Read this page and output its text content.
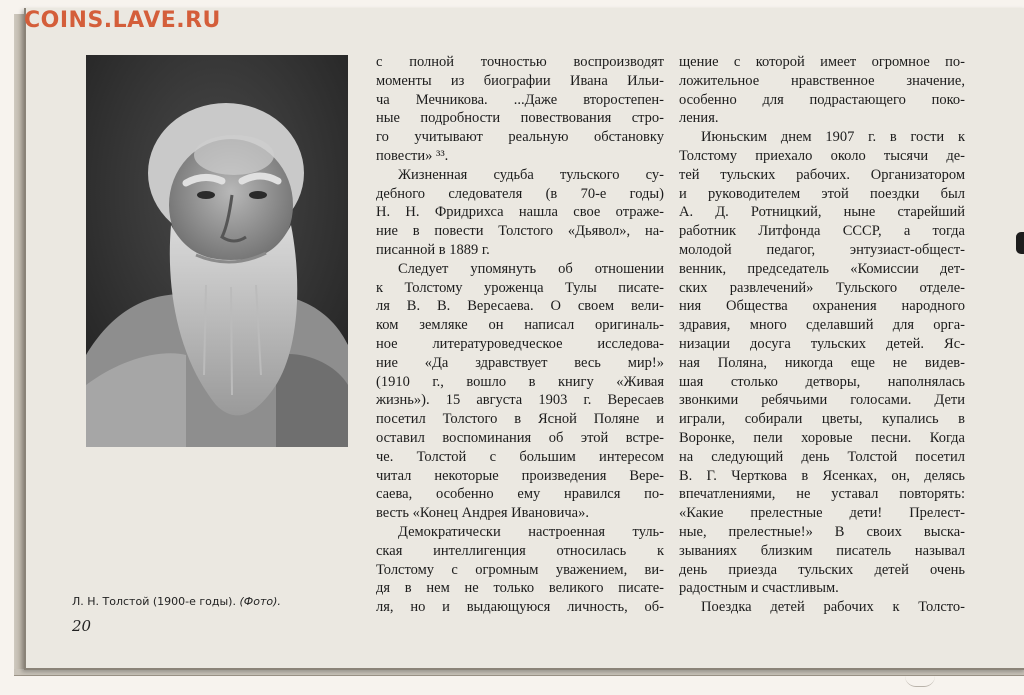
COINS.LAVE.RU
Л. Н. Толстой (1900-е годы). (Фото).
20
с полной точностью воспроизводят
моменты из биографии Ивана Ильи-
ча Мечникова. ...Даже второстепен-
ные подробности повествования стро-
го учитывают реальную обстановку
повести» ³³.
Жизненная судьба тульского су-
дебного следователя (в 70-е годы)
Н. Н. Фридрихса нашла свое отраже-
ние в повести Толстого «Дьявол», на-
писанной в 1889 г.
Следует упомянуть об отношении
к Толстому уроженца Тулы писате-
ля В. В. Вересаева. О своем вели-
ком земляке он написал оригиналь-
ное литературоведческое исследова-
ние «Да здравствует весь мир!»
(1910 г., вошло в книгу «Живая
жизнь»). 15 августа 1903 г. Вересаев
посетил Толстого в Ясной Поляне и
оставил воспоминания об этой встре-
че. Толстой с большим интересом
читал некоторые произведения Вере-
саева, особенно ему нравился по-
весть «Конец Андрея Ивановича».
Демократически настроенная туль-
ская интеллигенция относилась к
Толстому с огромным уважением, ви-
дя в нем не только великого писате-
ля, но и выдающуюся личность, об-
щение с которой имеет огромное по-
ложительное нравственное значение,
особенно для подрастающего поко-
ления.
Июньским днем 1907 г. в гости к
Толстому приехало около тысячи де-
тей тульских рабочих. Организатором
и руководителем этой поездки был
А. Д. Ротницкий, ныне старейший
работник Литфонда СССР, а тогда
молодой педагог, энтузиаст-общест-
венник, председатель «Комиссии дет-
ских развлечений» Тульского отделе-
ния Общества охранения народного
здравия, много сделавший для орга-
низации досуга тульских детей. Яс-
ная Поляна, никогда еще не видев-
шая столько детворы, наполнялась
звонкими ребячьими голосами. Дети
играли, собирали цветы, купались в
Воронке, пели хоровые песни. Когда
на следующий день Толстой посетил
В. Г. Черткова в Ясенках, он, делясь
впечатлениями, не уставал повторять:
«Какие прелестные дети! Прелест-
ные, прелестные!» В своих выска-
зываниях близким писатель называл
день приезда тульских детей очень
радостным и счастливым.
Поездка детей рабочих к Толсто-
